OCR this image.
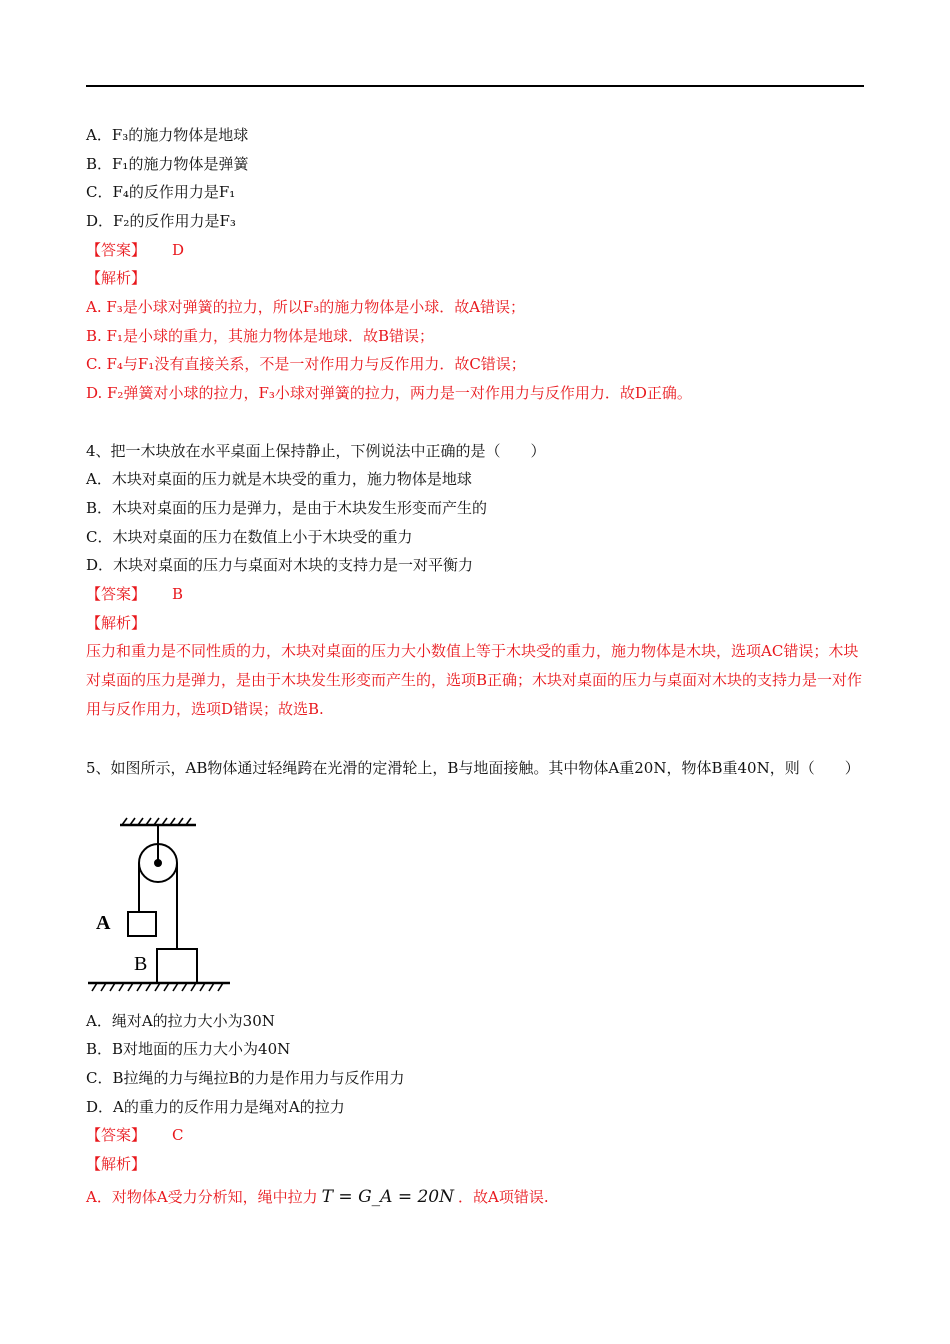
A．F₃的施力物体是地球
B．F₁的施力物体是弹簧
C．F₄的反作用力是F₁
D．F₂的反作用力是F₃
【答案】 D
【解析】
A. F₃是小球对弹簧的拉力，所以F₃的施力物体是小球．故A错误；
B. F₁是小球的重力，其施力物体是地球．故B错误；
C. F₄与F₁没有直接关系，不是一对作用力与反作用力．故C错误；
D. F₂弹簧对小球的拉力，F₃小球对弹簧的拉力，两力是一对作用力与反作用力．故D正确。
4、把一木块放在水平桌面上保持静止，下例说法中正确的是（　　）
A．木块对桌面的压力就是木块受的重力，施力物体是地球
B．木块对桌面的压力是弹力，是由于木块发生形变而产生的
C．木块对桌面的压力在数值上小于木块受的重力
D．木块对桌面的压力与桌面对木块的支持力是一对平衡力
【答案】 B
【解析】
压力和重力是不同性质的力，木块对桌面的压力大小数值上等于木块受的重力，施力物体是木块，选项AC错误；木块对桌面的压力是弹力，是由于木块发生形变而产生的，选项B正确；木块对桌面的压力与桌面对木块的支持力是一对作用与反作用力，选项D错误；故选B.
5、如图所示，AB物体通过轻绳跨在光滑的定滑轮上，B与地面接触。其中物体A重20N，物体B重40N，则（　　）
A
B
A．绳对A的拉力大小为30N
B．B对地面的压力大小为40N
C．B拉绳的力与绳拉B的力是作用力与反作用力
D．A的重力的反作用力是绳对A的拉力
【答案】 C
【解析】
A．对物体A受力分析知，绳中拉力 T = G_A = 20N ．故A项错误.
